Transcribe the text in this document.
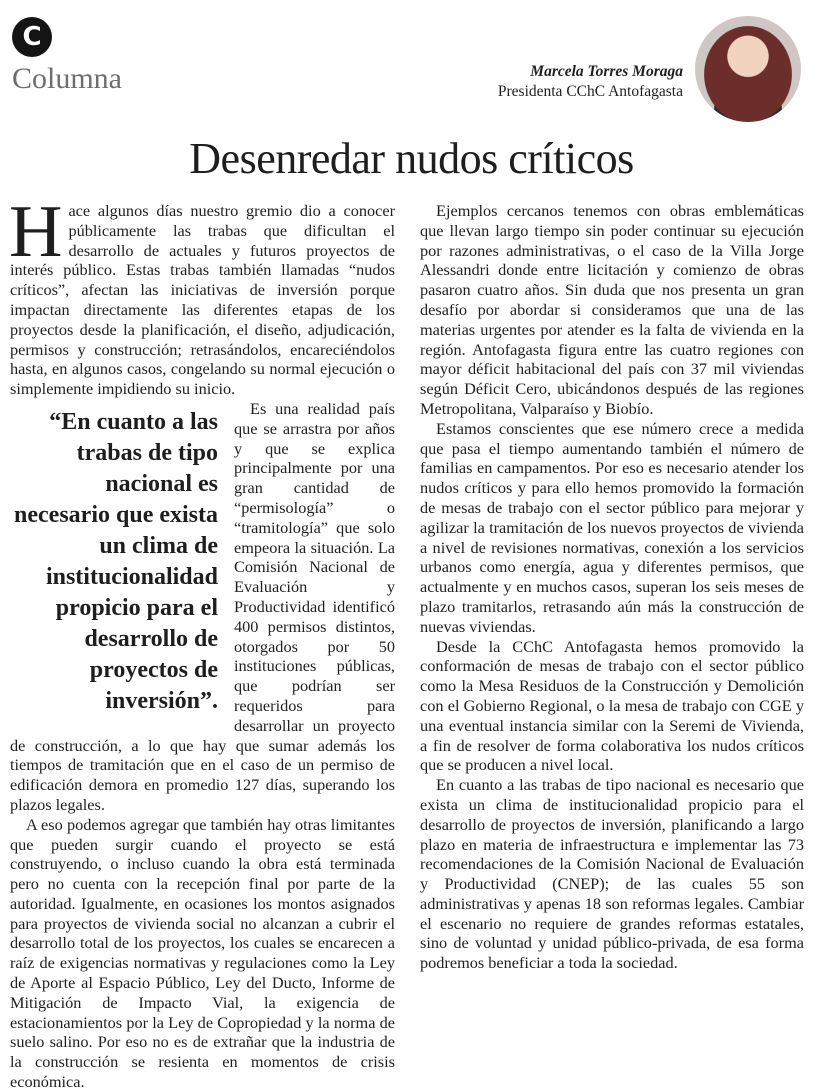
C
Columna	Marcela Torres Moraga
Presidenta CChC Antofagasta
Desenredar nudos críticos

Hace algunos días nuestro gremio dio a conocer públicamente las trabas que dificultan el desarrollo de actuales y futuros proyectos de interés público. Estas trabas también llamadas “nudos críticos”, afectan las iniciativas de inversión porque impactan directamente las diferentes etapas de los proyectos desde la planificación, el diseño, adjudicación, permisos y construcción; retrasándolos, encareciéndolos hasta, en algunos casos, congelando su normal ejecución o simplemente impidiendo su inicio.

“En cuanto a las trabas de tipo nacional es necesario que exista un clima de institucionalidad propicio para el desarrollo de proyectos de inversión”.

Es una realidad país que se arrastra por años y que se explica principalmente por una gran cantidad de “permisología” o “tramitología” que solo empeora la situación. La Comisión Nacional de Evaluación y Productividad identificó 400 permisos distintos, otorgados por 50 instituciones públicas, que podrían ser requeridos para desarrollar un proyecto de construcción, a lo que hay que sumar además los tiempos de tramitación que en el caso de un permiso de edificación demora en promedio 127 días, superando los plazos legales.

A eso podemos agregar que también hay otras limitantes que pueden surgir cuando el proyecto se está construyendo, o incluso cuando la obra está terminada pero no cuenta con la recepción final por parte de la autoridad. Igualmente, en ocasiones los montos asignados para proyectos de vivienda social no alcanzan a cubrir el desarrollo total de los proyectos, los cuales se encarecen a raíz de exigencias normativas y regulaciones como la Ley de Aporte al Espacio Público, Ley del Ducto, Informe de Mitigación de Impacto Vial, la exigencia de estacionamientos por la Ley de Copropiedad y la norma de suelo salino. Por eso no es de extrañar que la industria de la construcción se resienta en momentos de crisis económica.

Ejemplos cercanos tenemos con obras emblemáticas que llevan largo tiempo sin poder continuar su ejecución por razones administrativas, o el caso de la Villa Jorge Alessandri donde entre licitación y comienzo de obras pasaron cuatro años. Sin duda que nos presenta un gran desafío por abordar si consideramos que una de las materias urgentes por atender es la falta de vivienda en la región. Antofagasta figura entre las cuatro regiones con mayor déficit habitacional del país con 37 mil viviendas según Déficit Cero, ubicándonos después de las regiones Metropolitana, Valparaíso y Biobío.

Estamos conscientes que ese número crece a medida que pasa el tiempo aumentando también el número de familias en campamentos. Por eso es necesario atender los nudos críticos y para ello hemos promovido la formación de mesas de trabajo con el sector público para mejorar y agilizar la tramitación de los nuevos proyectos de vivienda a nivel de revisiones normativas, conexión a los servicios urbanos como energía, agua y diferentes permisos, que actualmente y en muchos casos, superan los seis meses de plazo tramitarlos, retrasando aún más la construcción de nuevas viviendas.

Desde la CChC Antofagasta hemos promovido la conformación de mesas de trabajo con el sector público como la Mesa Residuos de la Construcción y Demolición con el Gobierno Regional, o la mesa de trabajo con CGE y una eventual instancia similar con la Seremi de Vivienda, a fin de resolver de forma colaborativa los nudos críticos que se producen a nivel local.

En cuanto a las trabas de tipo nacional es necesario que exista un clima de institucionalidad propicio para el desarrollo de proyectos de inversión, planificando a largo plazo en materia de infraestructura e implementar las 73 recomendaciones de la Comisión Nacional de Evaluación y Productividad (CNEP); de las cuales 55 son administrativas y apenas 18 son reformas legales. Cambiar el escenario no requiere de grandes reformas estatales, sino de voluntad y unidad público-privada, de esa forma podremos beneficiar a toda la sociedad.
